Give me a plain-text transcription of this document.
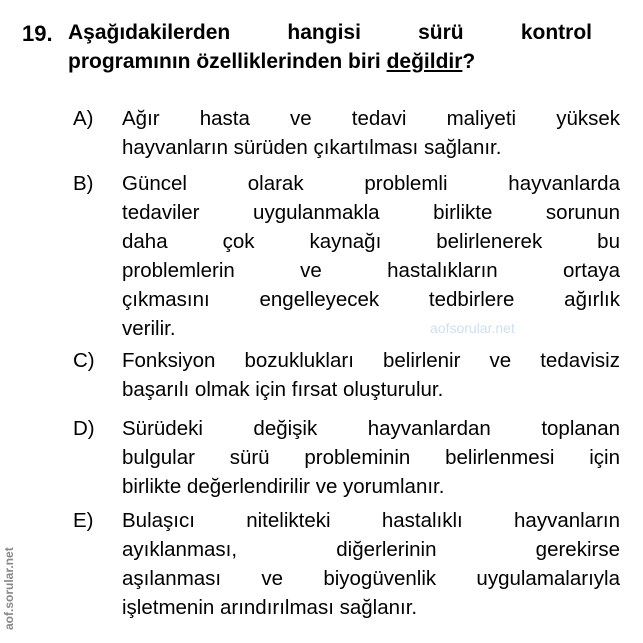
19. Aşağıdakilerden hangisi sürü kontrol
programının özelliklerinden biri değildir?
aofsorular.net
aof.sorular.net
A) Ağır hasta ve tedavi maliyeti yüksek
hayvanların sürüden çıkartılması sağlanır.
B) Güncel olarak problemli hayvanlarda
tedaviler uygulanmakla birlikte sorunun
daha çok kaynağı belirlenerek bu
problemlerin ve hastalıkların ortaya
çıkmasını engelleyecek tedbirlere ağırlık
verilir.
C) Fonksiyon bozuklukları belirlenir ve tedavisiz
başarılı olmak için fırsat oluşturulur.
D) Sürüdeki değişik hayvanlardan toplanan
bulgular sürü probleminin belirlenmesi için
birlikte değerlendirilir ve yorumlanır.
E) Bulaşıcı nitelikteki hastalıklı hayvanların
ayıklanması, diğerlerinin gerekirse
aşılanması ve biyogüvenlik uygulamalarıyla
işletmenin arındırılması sağlanır.
